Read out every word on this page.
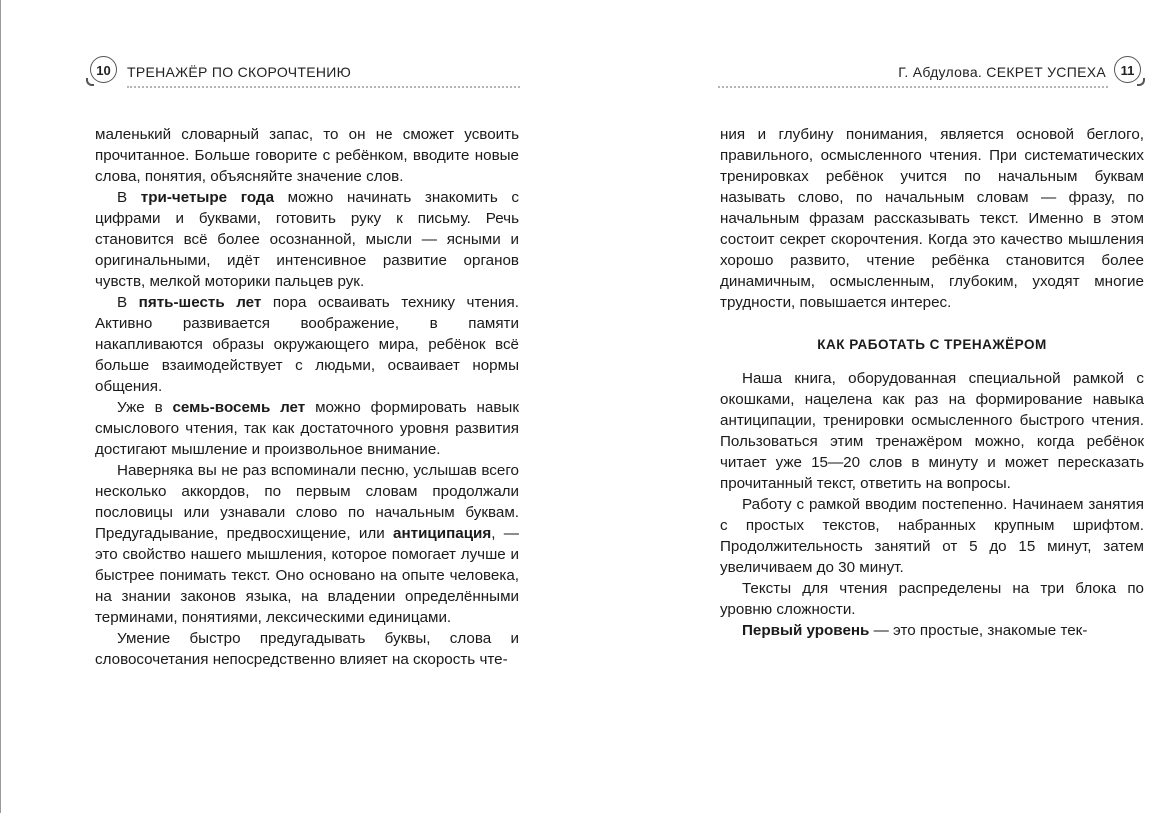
10	ТРЕНАЖЁР ПО СКОРОЧТЕНИЮ	Г. Абдулова. СЕКРЕТ УСПЕХА	11

маленький словарный запас, то он не сможет усвоить прочитанное. Больше говорите с ребёнком, вводите новые слова, понятия, объясняйте значение слов.

В три-четыре года можно начинать знакомить с цифрами и буквами, готовить руку к письму. Речь становится всё более осознанной, мысли — ясными и оригинальными, идёт интенсивное развитие органов чувств, мелкой моторики пальцев рук.

В пять-шесть лет пора осваивать технику чтения. Активно развивается воображение, в памяти накапливаются образы окружающего мира, ребёнок всё больше взаимодействует с людьми, осваивает нормы общения.

Уже в семь-восемь лет можно формировать навык смыслового чтения, так как достаточного уровня развития достигают мышление и произвольное внимание.

Наверняка вы не раз вспоминали песню, услышав всего несколько аккордов, по первым словам продолжали пословицы или узнавали слово по начальным буквам. Предугадывание, предвосхищение, или антиципация, — это свойство нашего мышления, которое помогает лучше и быстрее понимать текст. Оно основано на опыте человека, на знании законов языка, на владении определёнными терминами, понятиями, лексическими единицами.

Умение быстро предугадывать буквы, слова и словосочетания непосредственно влияет на скорость чте-

ния и глубину понимания, является основой беглого, правильного, осмысленного чтения. При систематических тренировках ребёнок учится по начальным буквам называть слово, по начальным словам — фразу, по начальным фразам рассказывать текст. Именно в этом состоит секрет скорочтения. Когда это качество мышления хорошо развито, чтение ребёнка становится более динамичным, осмысленным, глубоким, уходят многие трудности, повышается интерес.

КАК РАБОТАТЬ С ТРЕНАЖЁРОМ

Наша книга, оборудованная специальной рамкой с окошками, нацелена как раз на формирование навыка антиципации, тренировки осмысленного быстрого чтения. Пользоваться этим тренажёром можно, когда ребёнок читает уже 15—20 слов в минуту и может пересказать прочитанный текст, ответить на вопросы.

Работу с рамкой вводим постепенно. Начинаем занятия с простых текстов, набранных крупным шрифтом. Продолжительность занятий от 5 до 15 минут, затем увеличиваем до 30 минут.

Тексты для чтения распределены на три блока по уровню сложности.

Первый уровень — это простые, знакомые тек-
